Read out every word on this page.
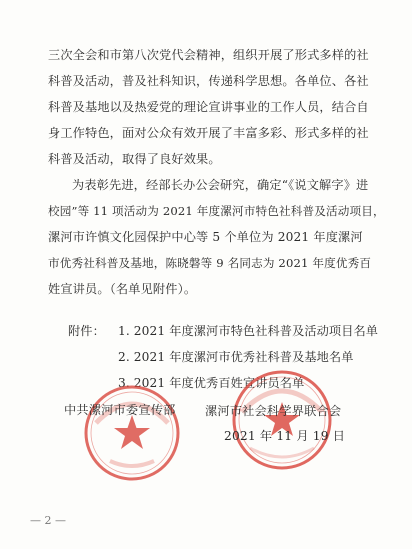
三次全会和市第八次党代会精神，组织开展了形式多样的社
科普及活动，普及社科知识，传递科学思想。各单位、各社
科普及基地以及热爱党的理论宣讲事业的工作人员，结合自
身工作特色，面对公众有效开展了丰富多彩、形式多样的社
科普及活动，取得了良好效果。
为表彰先进，经部长办公会研究，确定“《说文解字》进
校园”等 11 项活动为 2021 年度漯河市特色社科普及活动项目，
漯河市许慎文化园保护中心等 5 个单位为 2021 年度漯河
市优秀社科普及基地，陈晓磐等 9 名同志为 2021 年度优秀百
姓宣讲员。（名单见附件）。
附件： 1. 2021 年度漯河市特色社科普及活动项目名单
2. 2021 年度漯河市优秀社科普及基地名单
3. 2021 年度优秀百姓宣讲员名单
中共漯河市委宣传部 漯河市社会科学界联合会
2021 年 11 月 19 日
— 2 —
